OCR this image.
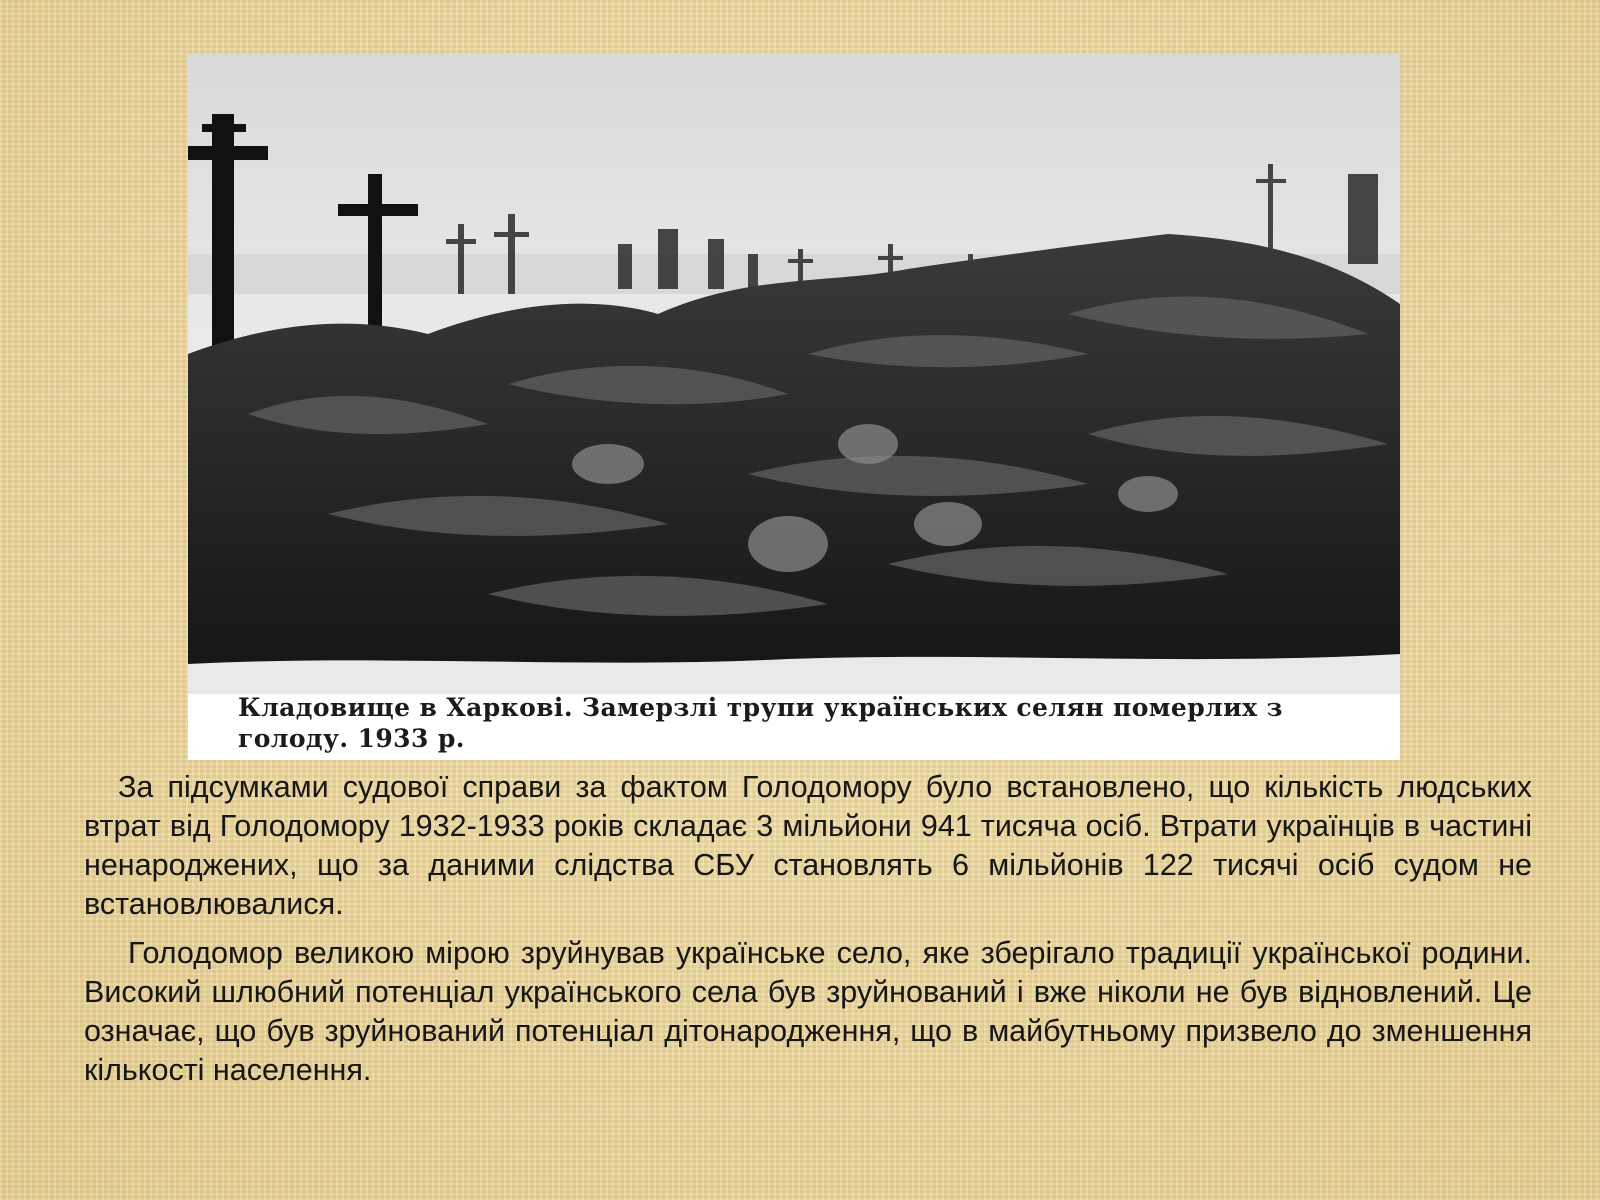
Кладовище в Харкові. Замерзлі трупи українських селян померлих з голоду. 1933 р.

За підсумками судової справи за фактом Голодомору було встановлено, що кількість людських втрат від Голодомору 1932-1933 років складає 3 мільйони 941 тисяча осіб. Втрати українців в частині ненароджених, що за даними слідства СБУ становлять 6 мільйонів 122 тисячі осіб судом не встановлювалися.

Голодомор великою мірою зруйнував українське село, яке зберігало традиції української родини. Високий шлюбний потенціал українського села був зруйнований і вже ніколи не був відновлений. Це означає, що був зруйнований потенціал дітонародження, що в майбутньому призвело до зменшення кількості населення.
